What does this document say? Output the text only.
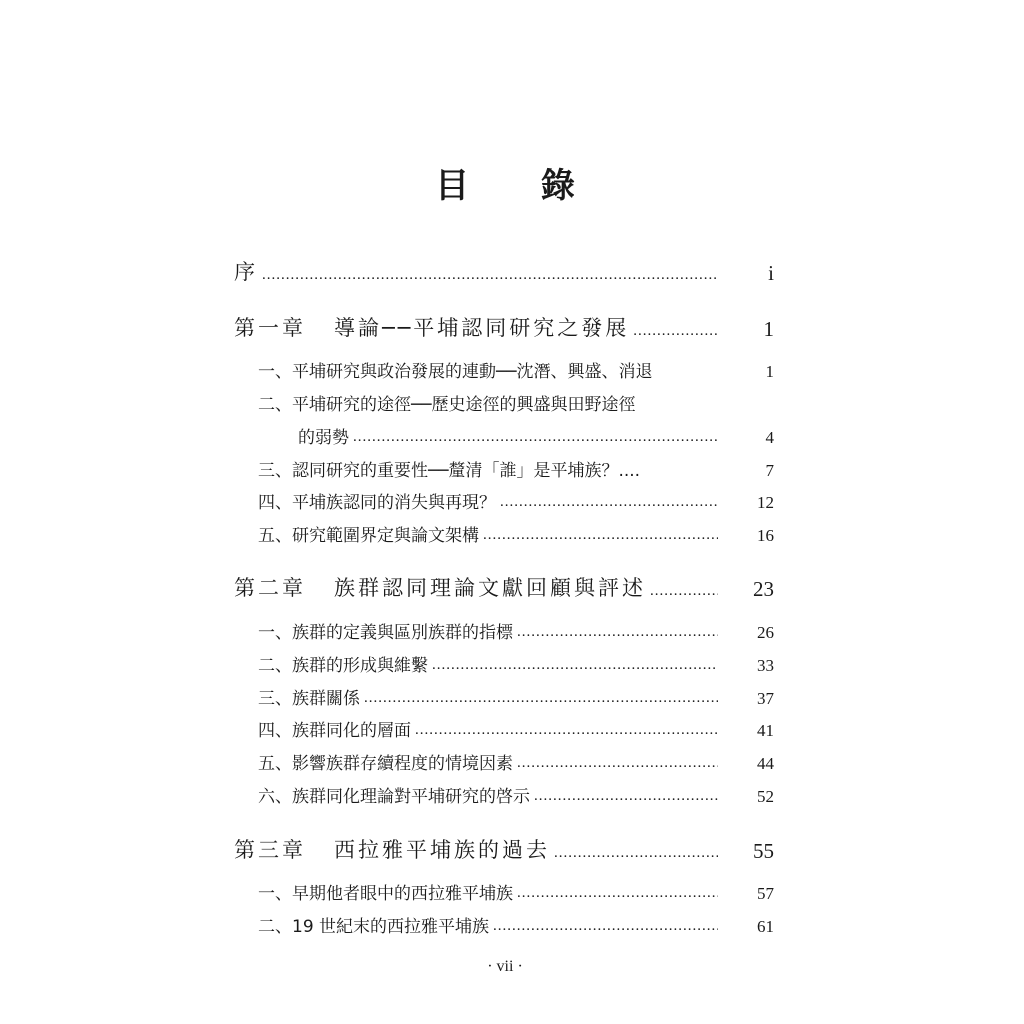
目 錄
序 .....	i
第一章 導論──平埔認同研究之發展 .....	1
一、平埔研究與政治發展的連動──沈潛、興盛、消退	1
二、平埔研究的途徑──歷史途徑的興盛與田野途徑
的弱勢 .....	4
三、認同研究的重要性──釐清「誰」是平埔族？....	7
四、平埔族認同的消失與再現？ .....	12
五、研究範圍界定與論文架構 .....	16
第二章 族群認同理論文獻回顧與評述 .....	23
一、族群的定義與區別族群的指標 .....	26
二、族群的形成與維繫 .....	33
三、族群關係 .....	37
四、族群同化的層面 .....	41
五、影響族群存續程度的情境因素 .....	44
六、族群同化理論對平埔研究的啓示 .....	52
第三章 西拉雅平埔族的過去 .....	55
一、早期他者眼中的西拉雅平埔族 .....	57
二、19 世紀末的西拉雅平埔族 .....	61
· vii ·
